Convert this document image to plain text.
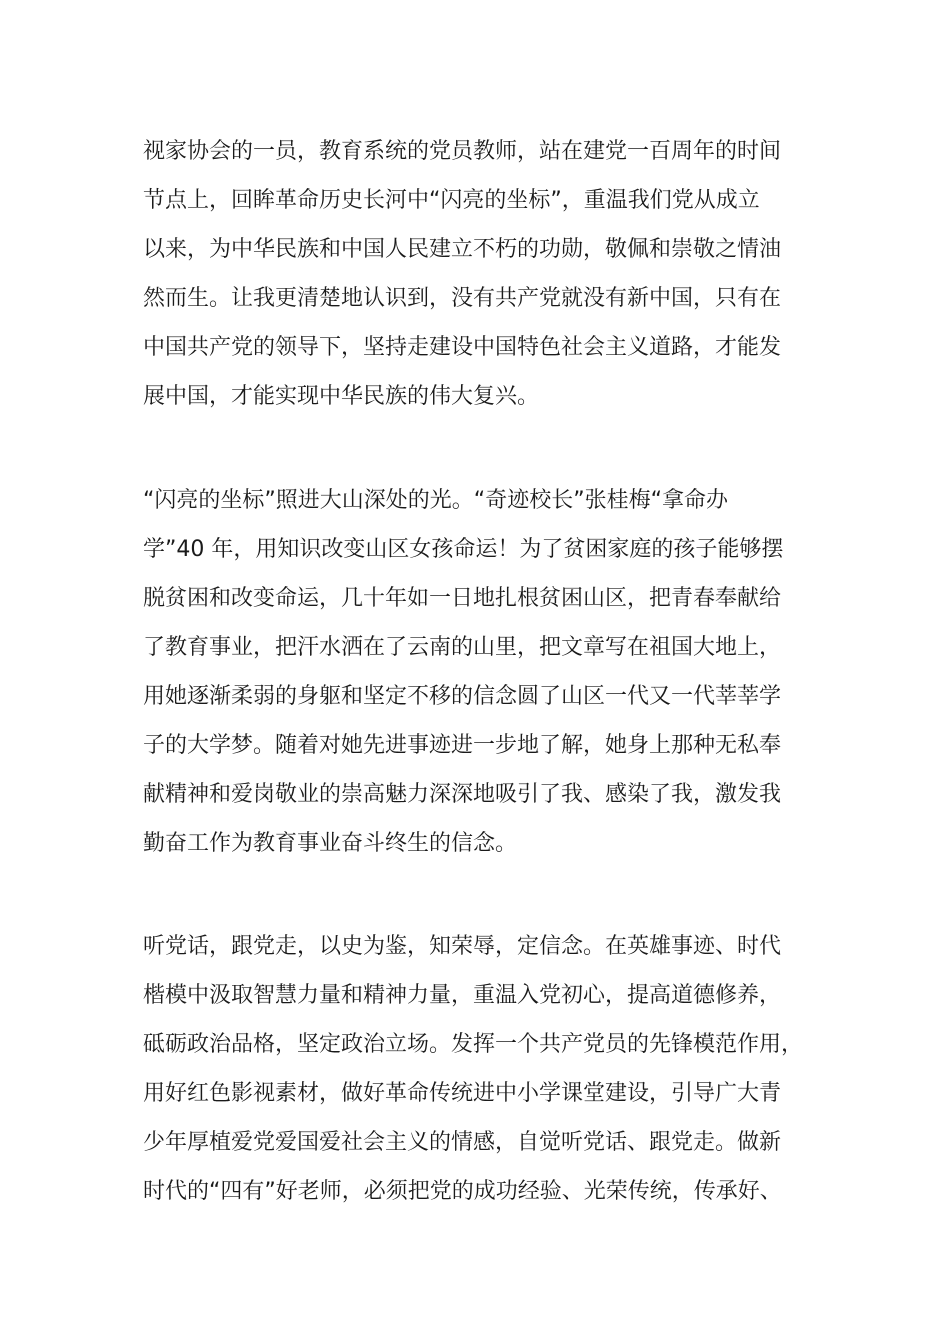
视家协会的一员，教育系统的党员教师，站在建党一百周年的时间
节点上，回眸革命历史长河中“闪亮的坐标”，重温我们党从成立
以来，为中华民族和中国人民建立不朽的功勋，敬佩和崇敬之情油
然而生。让我更清楚地认识到，没有共产党就没有新中国，只有在
中国共产党的领导下，坚持走建设中国特色社会主义道路，才能发
展中国，才能实现中华民族的伟大复兴。

“闪亮的坐标”照进大山深处的光。“奇迹校长”张桂梅“拿命办
学”40 年，用知识改变山区女孩命运！为了贫困家庭的孩子能够摆
脱贫困和改变命运，几十年如一日地扎根贫困山区，把青春奉献给
了教育事业，把汗水洒在了云南的山里，把文章写在祖国大地上，
用她逐渐柔弱的身躯和坚定不移的信念圆了山区一代又一代莘莘学
子的大学梦。随着对她先进事迹进一步地了解，她身上那种无私奉
献精神和爱岗敬业的崇高魅力深深地吸引了我、感染了我，激发我
勤奋工作为教育事业奋斗终生的信念。

听党话，跟党走，以史为鉴，知荣辱，定信念。在英雄事迹、时代
楷模中汲取智慧力量和精神力量，重温入党初心，提高道德修养，
砥砺政治品格，坚定政治立场。发挥一个共产党员的先锋模范作用，
用好红色影视素材，做好革命传统进中小学课堂建设，引导广大青
少年厚植爱党爱国爱社会主义的情感，自觉听党话、跟党走。做新
时代的“四有”好老师，必须把党的成功经验、光荣传统，传承好、
